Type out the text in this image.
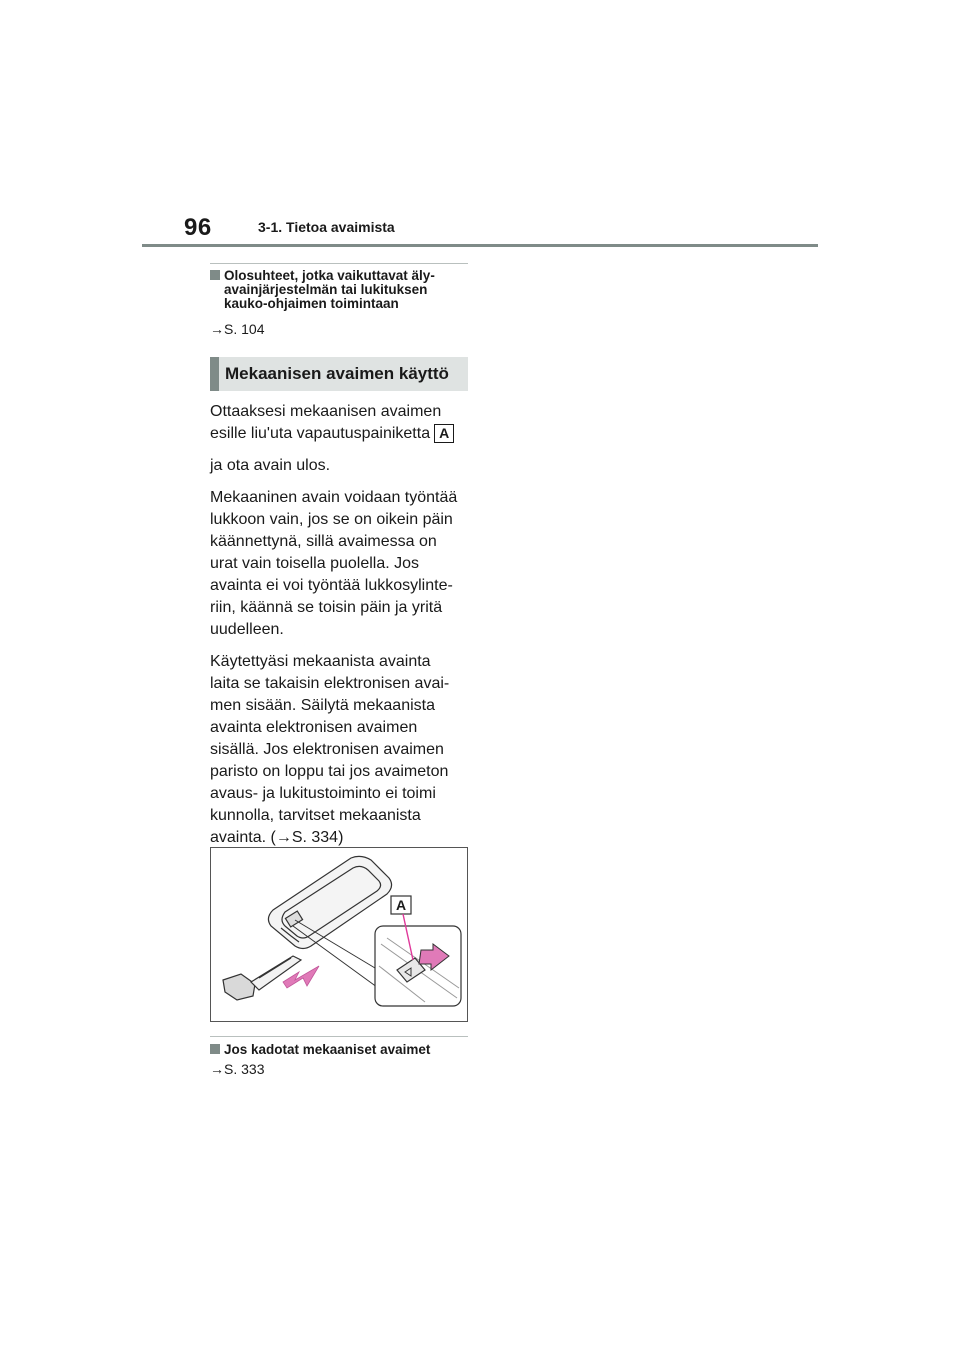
96	3-1. Tietoa avaimista
Olosuhteet, jotka vaikuttavat äly-
avainjärjestelmän tai lukituksen
kauko-ohjaimen toimintaan
→S. 104
Mekaanisen avaimen käyttö

Ottaaksesi mekaanisen avaimen
esille liu'uta vapautuspainiketta A

ja ota avain ulos.

Mekaaninen avain voidaan työntää
lukkoon vain, jos se on oikein päin
käännettynä, sillä avaimessa on
urat vain toisella puolella. Jos
avainta ei voi työntää lukkosylinte-
riin, käännä se toisin päin ja yritä
uudelleen.

Käytettyäsi mekaanista avainta
laita se takaisin elektronisen avai-
men sisään. Säilytä mekaanista
avainta elektronisen avaimen
sisällä. Jos elektronisen avaimen
paristo on loppu tai jos avaimeton
avaus- ja lukitustoiminto ei toimi
kunnolla, tarvitset mekaanista
avainta. (→S. 334)

A
Jos kadotat mekaaniset avaimet
→S. 333
